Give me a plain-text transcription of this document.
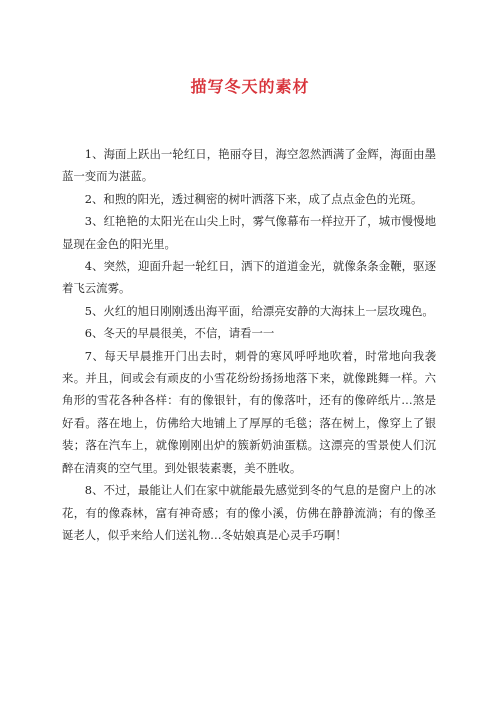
描写冬天的素材

1、海面上跃出一轮红日，艳丽夺目，海空忽然洒满了金辉，海面由墨蓝一变而为湛蓝。

2、和煦的阳光，透过稠密的树叶洒落下来，成了点点金色的光斑。

3、红艳艳的太阳光在山尖上时，雾气像幕布一样拉开了，城市慢慢地显现在金色的阳光里。

4、突然，迎面升起一轮红日，洒下的道道金光，就像条条金鞭，驱逐着飞云流雾。

5、火红的旭日刚刚透出海平面，给漂亮安静的大海抹上一层玫瑰色。

6、冬天的早晨很美，不信，请看一一

7、每天早晨推开门出去时，刺骨的寒风呼呼地吹着，时常地向我袭来。并且，间或会有顽皮的小雪花纷纷扬扬地落下来，就像跳舞一样。六角形的雪花各种各样：有的像银针，有的像落叶，还有的像碎纸片…煞是好看。落在地上，仿佛给大地铺上了厚厚的毛毯；落在树上，像穿上了银装；落在汽车上，就像刚刚出炉的簇新奶油蛋糕。这漂亮的雪景使人们沉醉在清爽的空气里。到处银装素裹，美不胜收。

8、不过，最能让人们在家中就能最先感觉到冬的气息的是窗户上的冰花，有的像森林，富有神奇感；有的像小溪，仿佛在静静流淌；有的像圣诞老人，似乎来给人们送礼物…冬姑娘真是心灵手巧啊！
